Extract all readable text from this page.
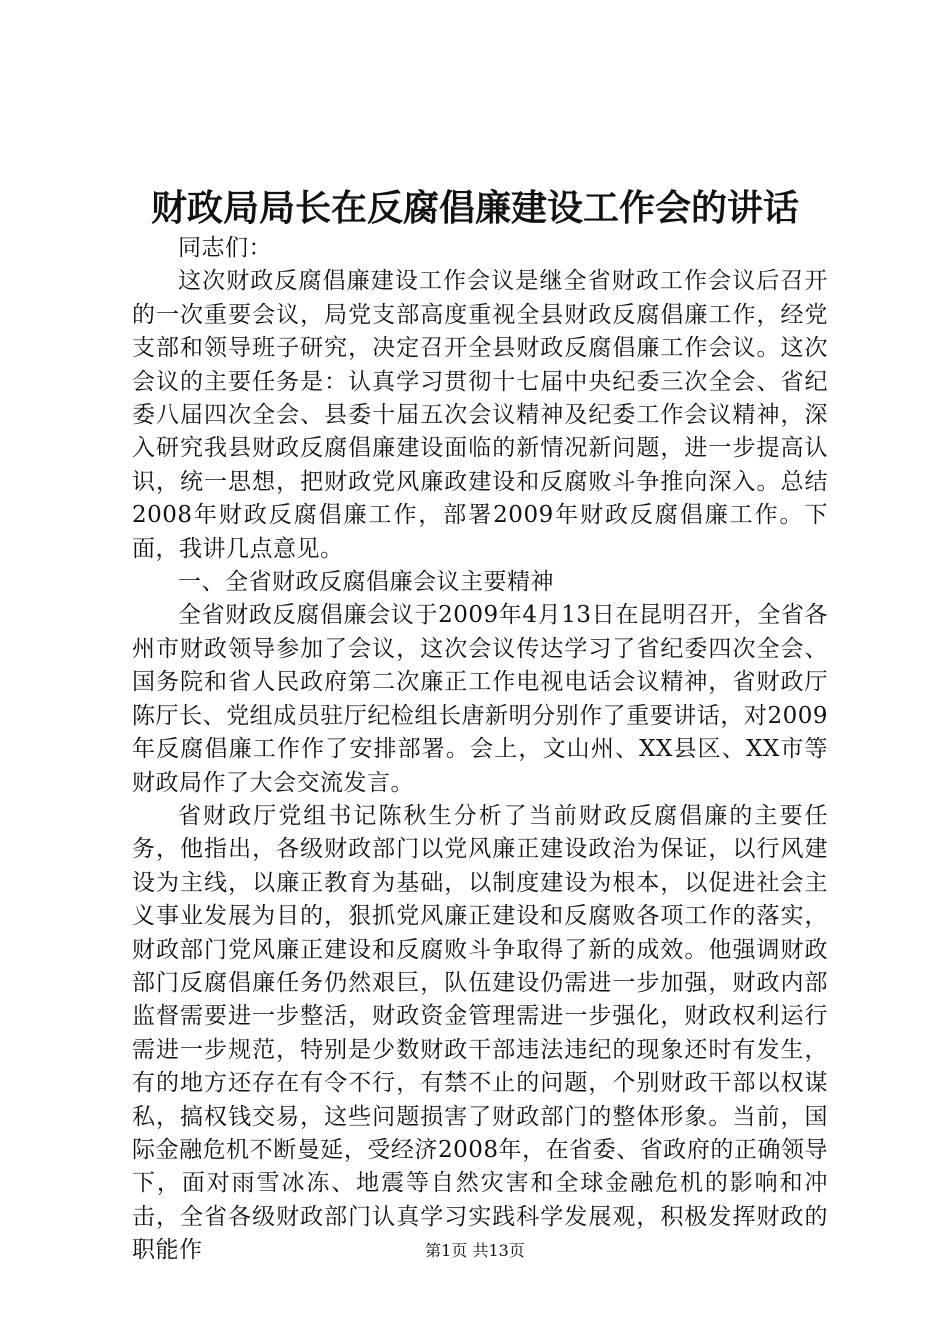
财政局局长在反腐倡廉建设工作会的讲话

同志们：

这次财政反腐倡廉建设工作会议是继全省财政工作会议后召开的一次重要会议，局党支部高度重视全县财政反腐倡廉工作，经党支部和领导班子研究，决定召开全县财政反腐倡廉工作会议。这次会议的主要任务是：认真学习贯彻十七届中央纪委三次全会、省纪委八届四次全会、县委十届五次会议精神及纪委工作会议精神，深入研究我县财政反腐倡廉建设面临的新情况新问题，进一步提高认识，统一思想，把财政党风廉政建设和反腐败斗争推向深入。总结2008年财政反腐倡廉工作，部署2009年财政反腐倡廉工作。下面，我讲几点意见。

一、全省财政反腐倡廉会议主要精神

全省财政反腐倡廉会议于2009年4月13日在昆明召开，全省各州市财政领导参加了会议，这次会议传达学习了省纪委四次全会、国务院和省人民政府第二次廉正工作电视电话会议精神，省财政厅陈厅长、党组成员驻厅纪检组长唐新明分别作了重要讲话，对2009年反腐倡廉工作作了安排部署。会上，文山州、XX县区、XX市等财政局作了大会交流发言。

省财政厅党组书记陈秋生分析了当前财政反腐倡廉的主要任务，他指出，各级财政部门以党风廉正建设政治为保证，以行风建设为主线，以廉正教育为基础，以制度建设为根本，以促进社会主义事业发展为目的，狠抓党风廉正建设和反腐败各项工作的落实，财政部门党风廉正建设和反腐败斗争取得了新的成效。他强调财政部门反腐倡廉任务仍然艰巨，队伍建设仍需进一步加强，财政内部监督需要进一步整活，财政资金管理需进一步强化，财政权利运行需进一步规范，特别是少数财政干部违法违纪的现象还时有发生，有的地方还存在有令不行，有禁不止的问题，个别财政干部以权谋私，搞权钱交易，这些问题损害了财政部门的整体形象。当前，国际金融危机不断曼延，受经济2008年，在省委、省政府的正确领导下，面对雨雪冰冻、地震等自然灾害和全球金融危机的影响和冲击，全省各级财政部门认真学习实践科学发展观，积极发挥财政的职能作	第1页 共13页
